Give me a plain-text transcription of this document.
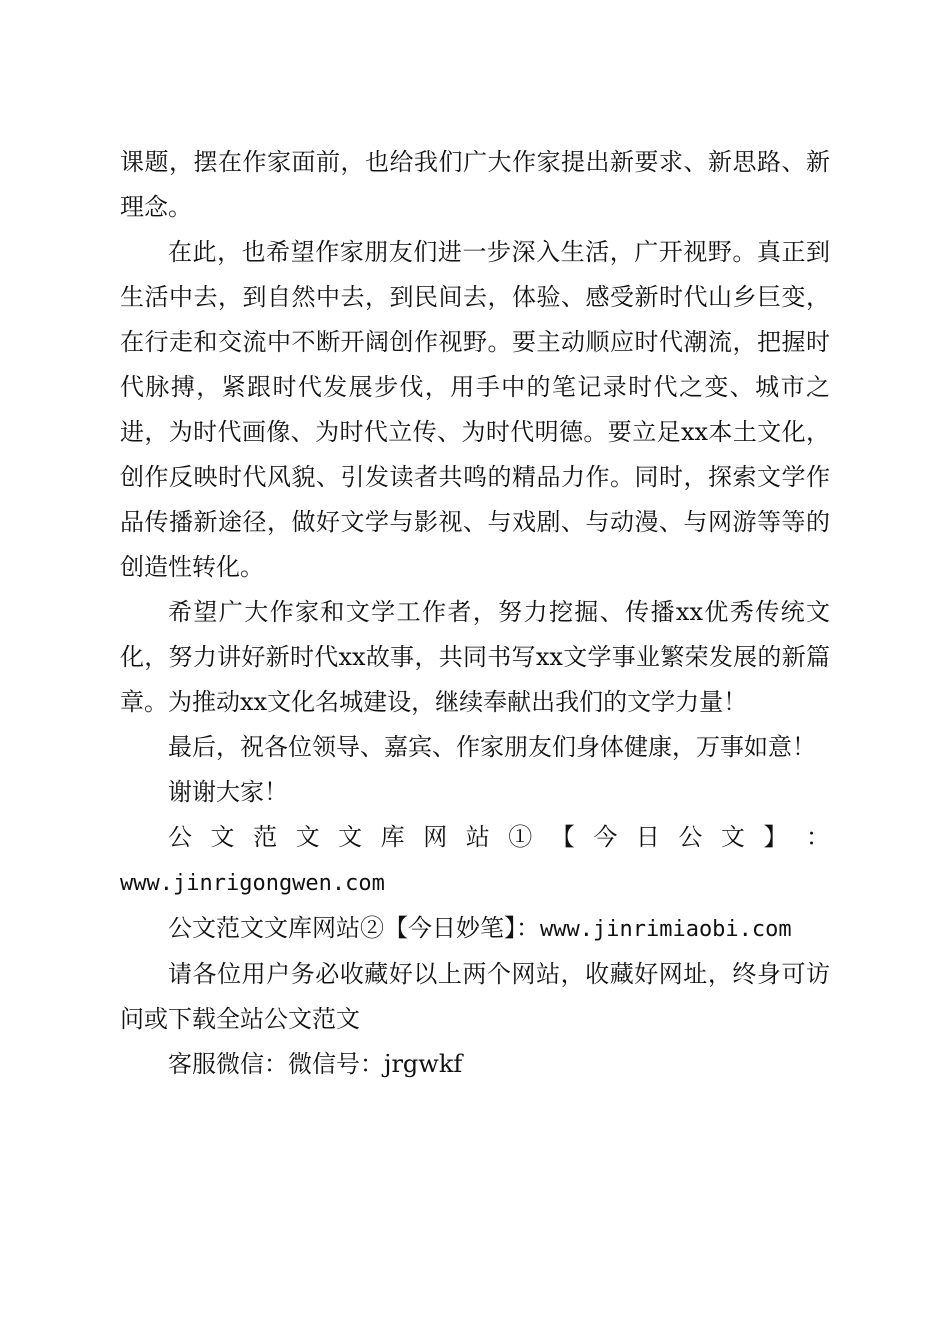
课题，摆在作家面前，也给我们广大作家提出新要求、新思路、新理念。

在此，也希望作家朋友们进一步深入生活，广开视野。真正到生活中去，到自然中去，到民间去，体验、感受新时代山乡巨变，在行走和交流中不断开阔创作视野。要主动顺应时代潮流，把握时代脉搏，紧跟时代发展步伐，用手中的笔记录时代之变、城市之进，为时代画像、为时代立传、为时代明德。要立足xx本土文化，创作反映时代风貌、引发读者共鸣的精品力作。同时，探索文学作品传播新途径，做好文学与影视、与戏剧、与动漫、与网游等等的创造性转化。

希望广大作家和文学工作者，努力挖掘、传播xx优秀传统文化，努力讲好新时代xx故事，共同书写xx文学事业繁荣发展的新篇章。为推动xx文化名城建设，继续奉献出我们的文学力量！

最后，祝各位领导、嘉宾、作家朋友们身体健康，万事如意！

谢谢大家！

公 文 范 文 文 库 网 站 ① 【 今 日 公 文 】 ：

www.jinrigongwen.com

公文范文文库网站②【今日妙笔】：www.jinrimiaobi.com

请各位用户务必收藏好以上两个网站，收藏好网址，终身可访问或下载全站公文范文

客服微信：微信号：jrgwkf
